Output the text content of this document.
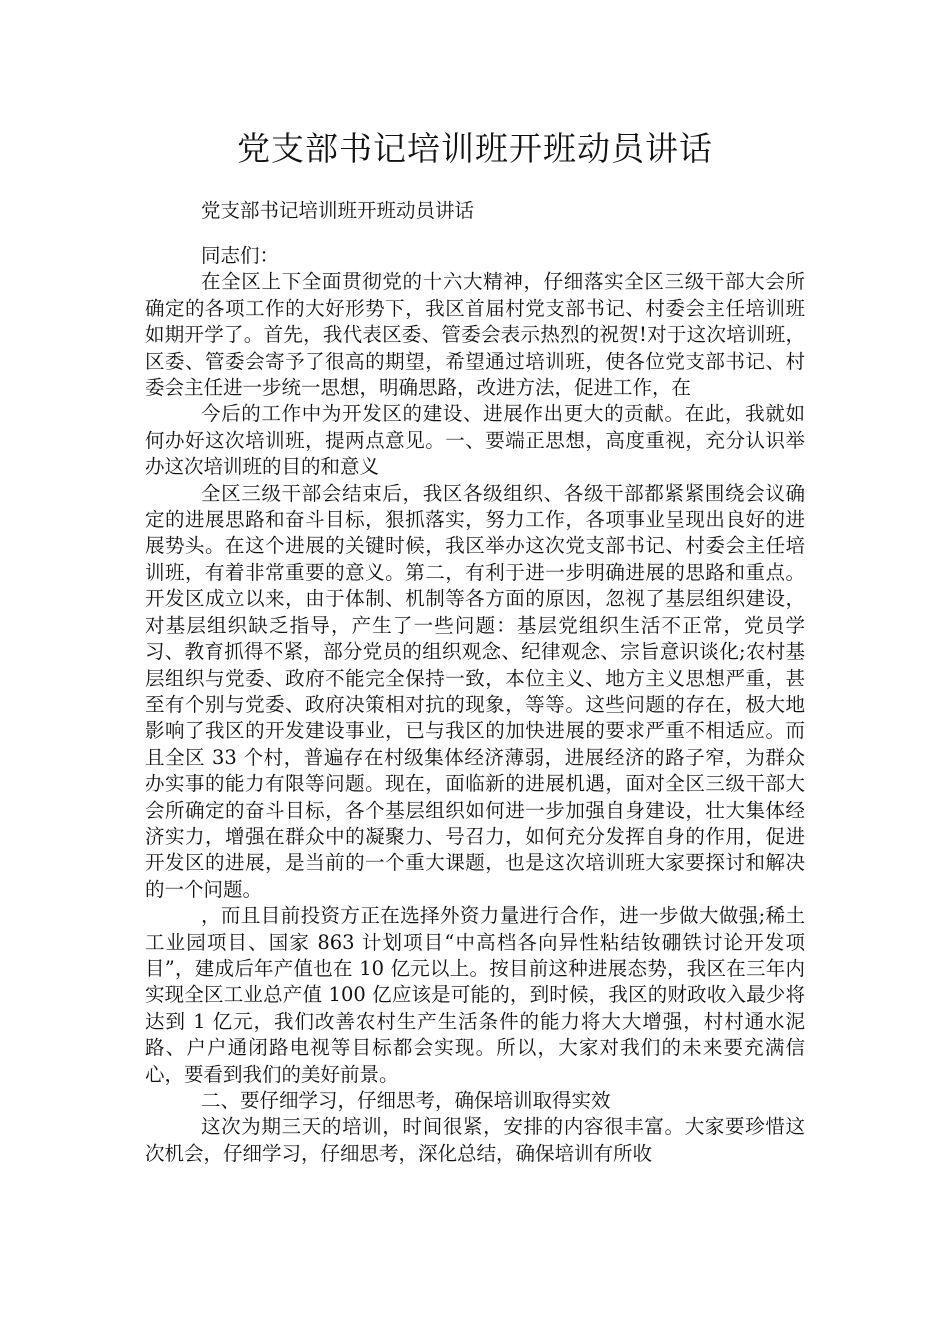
党支部书记培训班开班动员讲话

党支部书记培训班开班动员讲话

同志们：

在全区上下全面贯彻党的十六大精神，仔细落实全区三级干部大会所确定的各项工作的大好形势下，我区首届村党支部书记、村委会主任培训班如期开学了。首先，我代表区委、管委会表示热烈的祝贺!对于这次培训班，区委、管委会寄予了很高的期望，希望通过培训班，使各位党支部书记、村委会主任进一步统一思想，明确思路，改进方法，促进工作，在

今后的工作中为开发区的建设、进展作出更大的贡献。在此，我就如何办好这次培训班，提两点意见。一、要端正思想，高度重视，充分认识举办这次培训班的目的和意义

全区三级干部会结束后，我区各级组织、各级干部都紧紧围绕会议确定的进展思路和奋斗目标，狠抓落实，努力工作，各项事业呈现出良好的进展势头。在这个进展的关键时候，我区举办这次党支部书记、村委会主任培训班，有着非常重要的意义。第二，有利于进一步明确进展的思路和重点。开发区成立以来，由于体制、机制等各方面的原因，忽视了基层组织建设，对基层组织缺乏指导，产生了一些问题：基层党组织生活不正常，党员学习、教育抓得不紧，部分党员的组织观念、纪律观念、宗旨意识谈化;农村基层组织与党委、政府不能完全保持一致，本位主义、地方主义思想严重，甚至有个别与党委、政府决策相对抗的现象，等等。这些问题的存在，极大地影响了我区的开发建设事业，已与我区的加快进展的要求严重不相适应。而且全区 33 个村，普遍存在村级集体经济薄弱，进展经济的路子窄，为群众办实事的能力有限等问题。现在，面临新的进展机遇，面对全区三级干部大会所确定的奋斗目标，各个基层组织如何进一步加强自身建设，壮大集体经济实力，增强在群众中的凝聚力、号召力，如何充分发挥自身的作用，促进开发区的进展，是当前的一个重大课题，也是这次培训班大家要探讨和解决的一个问题。

，而且目前投资方正在选择外资力量进行合作，进一步做大做强;稀土工业园项目、国家 863 计划项目“中高档各向异性粘结钕硼铁讨论开发项目”，建成后年产值也在 10 亿元以上。按目前这种进展态势，我区在三年内实现全区工业总产值 100 亿应该是可能的，到时候，我区的财政收入最少将达到 1 亿元，我们改善农村生产生活条件的能力将大大增强，村村通水泥路、户户通闭路电视等目标都会实现。所以，大家对我们的未来要充满信心，要看到我们的美好前景。

二、要仔细学习，仔细思考，确保培训取得实效

这次为期三天的培训，时间很紧，安排的内容很丰富。大家要珍惜这次机会，仔细学习，仔细思考，深化总结，确保培训有所收
